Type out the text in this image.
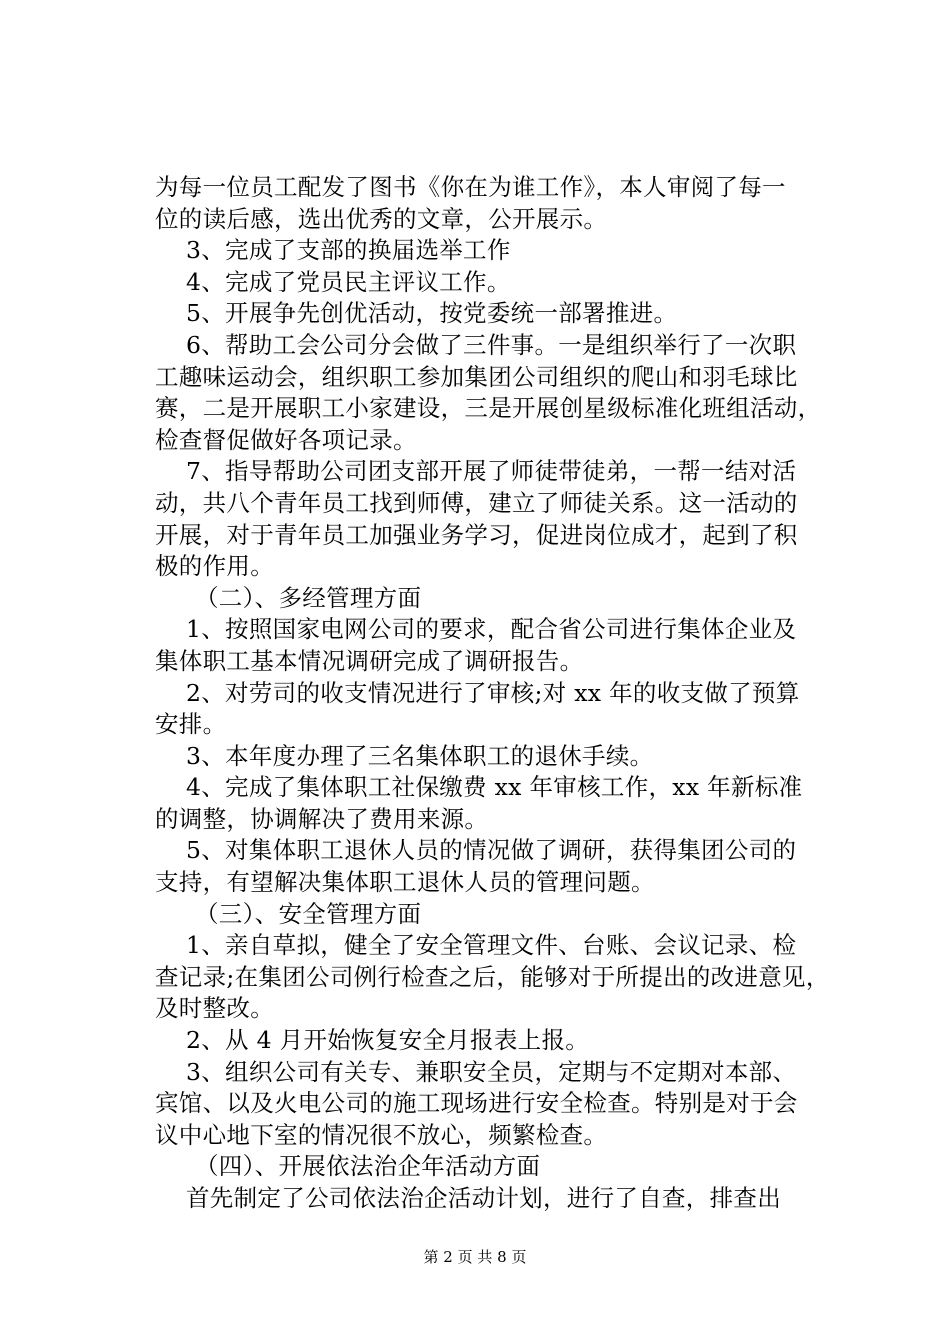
为每一位员工配发了图书《你在为谁工作》，本人审阅了每一
位的读后感，选出优秀的文章，公开展示。
3、完成了支部的换届选举工作
4、完成了党员民主评议工作。
5、开展争先创优活动，按党委统一部署推进。
6、帮助工会公司分会做了三件事。一是组织举行了一次职
工趣味运动会，组织职工参加集团公司组织的爬山和羽毛球比
赛，二是开展职工小家建设，三是开展创星级标准化班组活动，
检查督促做好各项记录。
7、指导帮助公司团支部开展了师徒带徒弟，一帮一结对活
动，共八个青年员工找到师傅，建立了师徒关系。这一活动的
开展，对于青年员工加强业务学习，促进岗位成才，起到了积
极的作用。
（二）、多经管理方面
1、按照国家电网公司的要求，配合省公司进行集体企业及
集体职工基本情况调研完成了调研报告。
2、对劳司的收支情况进行了审核;对 xx 年的收支做了预算
安排。
3、本年度办理了三名集体职工的退休手续。
4、完成了集体职工社保缴费 xx 年审核工作，xx 年新标准
的调整，协调解决了费用来源。
5、对集体职工退休人员的情况做了调研，获得集团公司的
支持，有望解决集体职工退休人员的管理问题。
（三）、安全管理方面
1、亲自草拟，健全了安全管理文件、台账、会议记录、检
查记录;在集团公司例行检查之后，能够对于所提出的改进意见，
及时整改。
2、从 4 月开始恢复安全月报表上报。
3、组织公司有关专、兼职安全员，定期与不定期对本部、
宾馆、以及火电公司的施工现场进行安全检查。特别是对于会
议中心地下室的情况很不放心，频繁检查。
（四）、开展依法治企年活动方面
首先制定了公司依法治企活动计划，进行了自查，排查出
第 2 页 共 8 页
